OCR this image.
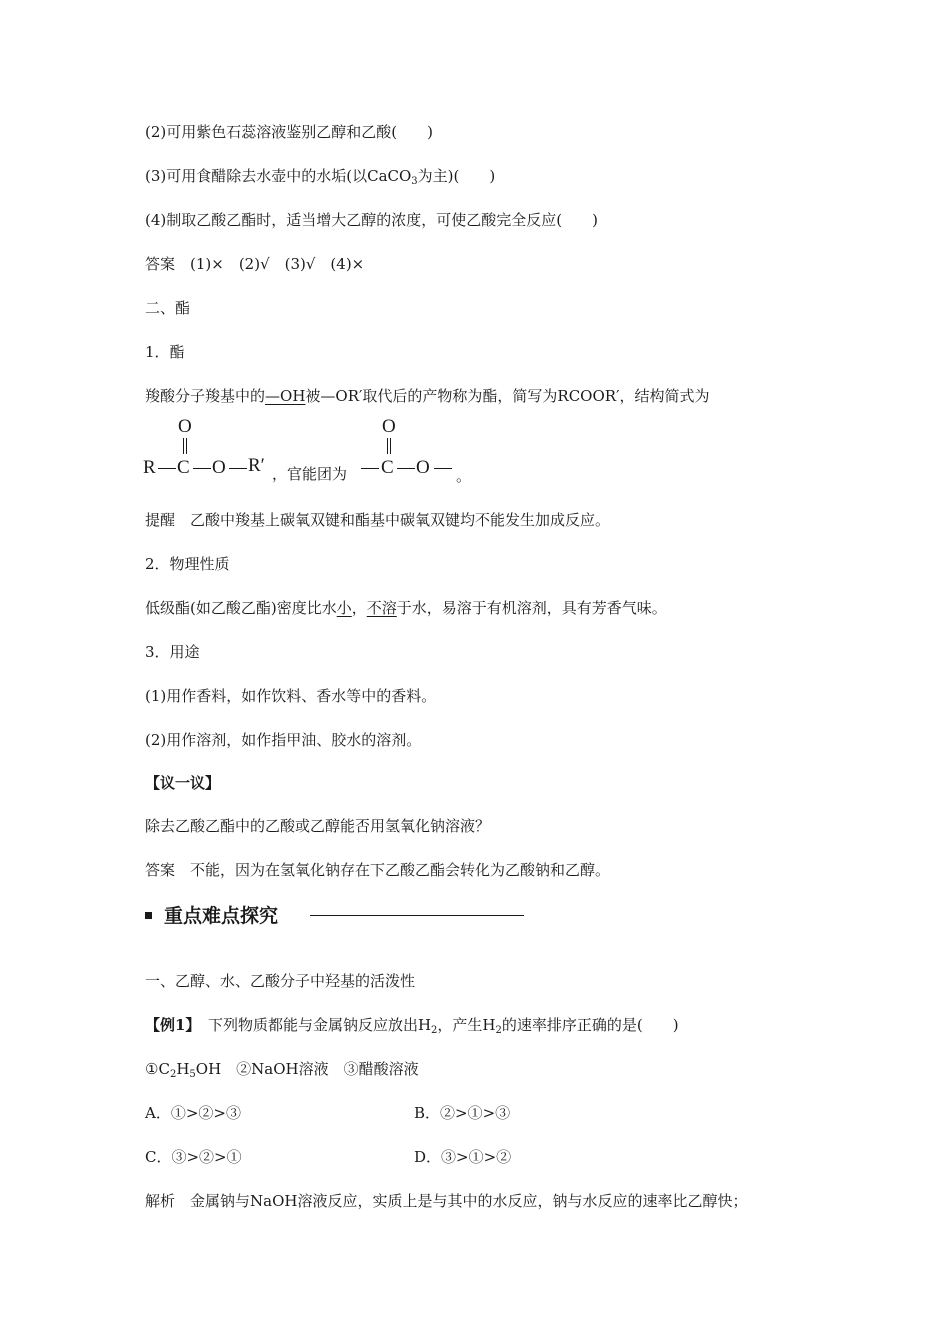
(2)可用紫色石蕊溶液鉴别乙醇和乙酸(　　)
(3)可用食醋除去水壶中的水垢(以CaCO$_3$为主)(　　)
(4)制取乙酸乙酯时，适当增大乙醇的浓度，可使乙酸完全反应(　　)
答案　(1)×　(2)√　(3)√　(4)×
二、酯
1．酯
羧酸分子羧基中的—OH被—OR′取代后的产物称为酯，简写为RCOOR′，结构简式为
O
R C O R′ ，官能团为
O
C O 。
提醒　乙酸中羧基上碳氧双键和酯基中碳氧双键均不能发生加成反应。
2．物理性质
低级酯(如乙酸乙酯)密度比水小，不溶于水，易溶于有机溶剂，具有芳香气味。
3．用途
(1)用作香料，如作饮料、香水等中的香料。
(2)用作溶剂，如作指甲油、胶水的溶剂。
【议一议】
除去乙酸乙酯中的乙酸或乙醇能否用氢氧化钠溶液？
答案　不能，因为在氢氧化钠存在下乙酸乙酯会转化为乙酸钠和乙醇。
重点难点探究
一、乙醇、水、乙酸分子中羟基的活泼性
【例1】　下列物质都能与金属钠反应放出$H_2$，产生$H_2$的速率排序正确的是(　　)
$①C_2H_5OH$　②NaOH溶液　③醋酸溶液
A．①>②>③	B．②>①>③
C．③>②>①	D．③>①>②
解析　金属钠与NaOH溶液反应，实质上是与其中的水反应，钠与水反应的速率比乙醇快；
